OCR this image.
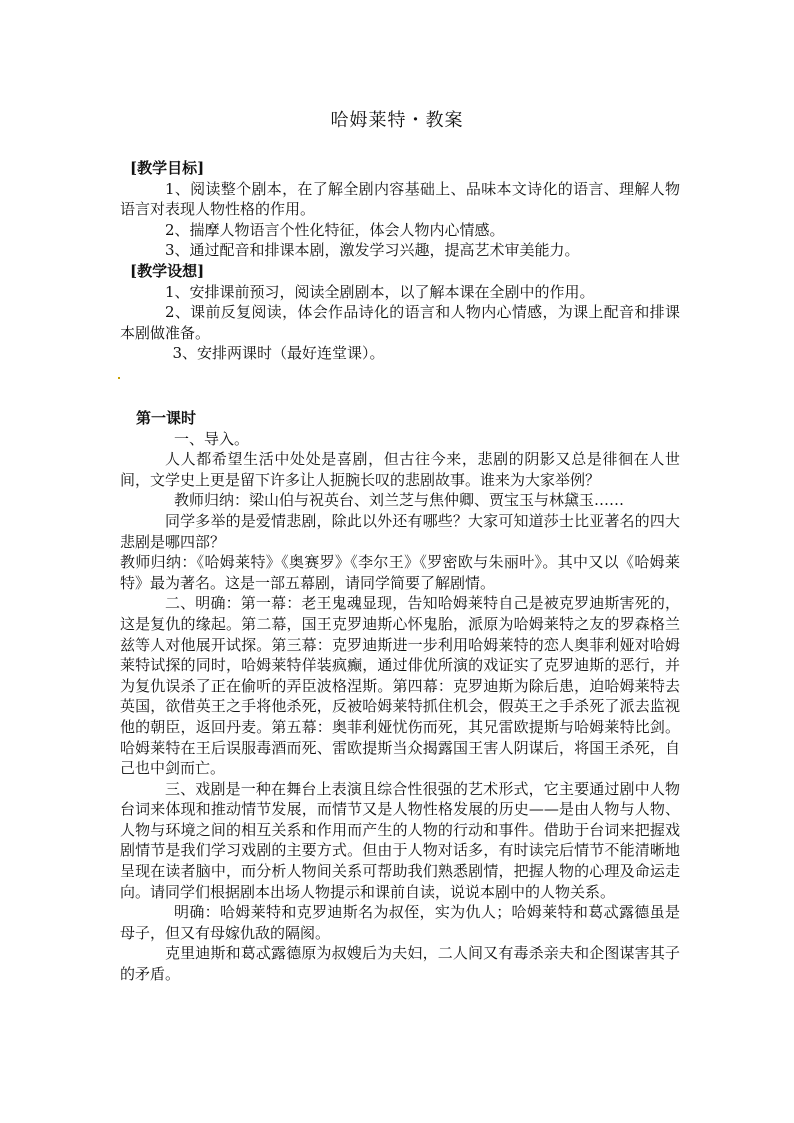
哈姆莱特・教案
[教学目标]

1、阅读整个剧本，在了解全剧内容基础上、品味本文诗化的语言、理解人物语言对表现人物性格的作用。

2、揣摩人物语言个性化特征，体会人物内心情感。

3、通过配音和排课本剧，激发学习兴趣，提高艺术审美能力。

[教学设想]

1、安排课前预习，阅读全剧剧本，以了解本课在全剧中的作用。

2、课前反复阅读，体会作品诗化的语言和人物内心情感，为课上配音和排课本剧做准备。

3、安排两课时（最好连堂课）。

第一课时

一、导入。

人人都希望生活中处处是喜剧，但古往今来，悲剧的阴影又总是徘徊在人世间，文学史上更是留下许多让人扼腕长叹的悲剧故事。谁来为大家举例？

教师归纳：梁山伯与祝英台、刘兰芝与焦仲卿、贾宝玉与林黛玉……

同学多举的是爱情悲剧，除此以外还有哪些？大家可知道莎士比亚著名的四大悲剧是哪四部？

教师归纳：《哈姆莱特》《奥赛罗》《李尔王》《罗密欧与朱丽叶》。其中又以《哈姆莱特》最为著名。这是一部五幕剧，请同学简要了解剧情。

二、明确：第一幕：老王鬼魂显现，告知哈姆莱特自己是被克罗迪斯害死的，这是复仇的缘起。第二幕，国王克罗迪斯心怀鬼胎，派原为哈姆莱特之友的罗森格兰兹等人对他展开试探。第三幕：克罗迪斯进一步利用哈姆莱特的恋人奥菲利娅对哈姆莱特试探的同时，哈姆莱特佯装疯癫，通过俳优所演的戏证实了克罗迪斯的恶行，并为复仇误杀了正在偷听的弄臣波格涅斯。第四幕：克罗迪斯为除后患，迫哈姆莱特去英国，欲借英王之手将他杀死，反被哈姆莱特抓住机会，假英王之手杀死了派去监视他的朝臣，返回丹麦。第五幕：奥菲利娅忧伤而死，其兄雷欧提斯与哈姆莱特比剑。哈姆莱特在王后误服毒酒而死、雷欧提斯当众揭露国王害人阴谋后，将国王杀死，自己也中剑而亡。

三、戏剧是一种在舞台上表演且综合性很强的艺术形式，它主要通过剧中人物台词来体现和推动情节发展，而情节又是人物性格发展的历史——是由人物与人物、人物与环境之间的相互关系和作用而产生的人物的行动和事件。借助于台词来把握戏剧情节是我们学习戏剧的主要方式。但由于人物对话多，有时读完后情节不能清晰地呈现在读者脑中，而分析人物间关系可帮助我们熟悉剧情，把握人物的心理及命运走向。请同学们根据剧本出场人物提示和课前自读，说说本剧中的人物关系。

明确：哈姆莱特和克罗迪斯名为叔侄，实为仇人；哈姆莱特和葛忒露德虽是母子，但又有母嫁仇敌的隔阂。

克里迪斯和葛忒露德原为叔嫂后为夫妇，二人间又有毒杀亲夫和企图谋害其子的矛盾。
